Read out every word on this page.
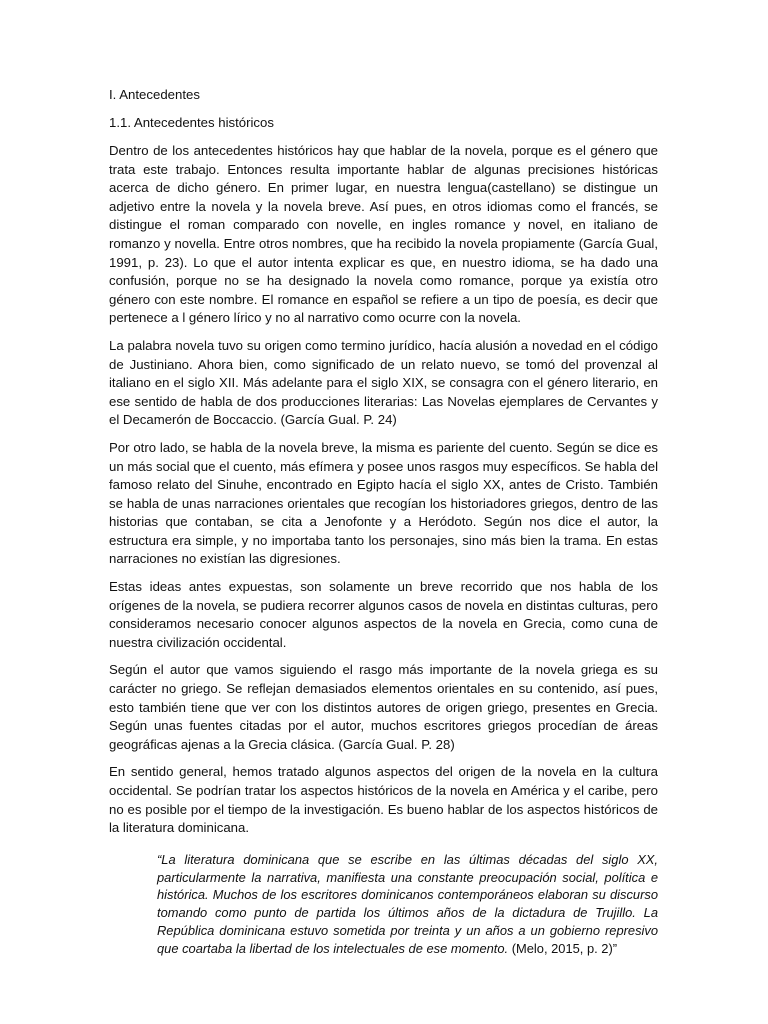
I. Antecedentes
1.1. Antecedentes históricos

Dentro de los antecedentes históricos hay que hablar de la novela, porque es el género que trata este trabajo. Entonces resulta importante hablar de algunas precisiones históricas acerca de dicho género. En primer lugar, en nuestra lengua(castellano) se distingue un adjetivo entre la novela y la novela breve. Así pues, en otros idiomas como el francés, se distingue el roman comparado con novelle, en ingles romance y novel, en italiano de romanzo y novella. Entre otros nombres, que ha recibido la novela propiamente (García Gual, 1991, p. 23). Lo que el autor intenta explicar es que, en nuestro idioma, se ha dado una confusión, porque no se ha designado la novela como romance, porque ya existía otro género con este nombre. El romance en español se refiere a un tipo de poesía, es decir que pertenece a l género lírico y no al narrativo como ocurre con la novela.

La palabra novela tuvo su origen como termino jurídico, hacía alusión a novedad en el código de Justiniano. Ahora bien, como significado de un relato nuevo, se tomó del provenzal al italiano en el siglo XII. Más adelante para el siglo XIX, se consagra con el género literario, en ese sentido de habla de dos producciones literarias: Las Novelas ejemplares de Cervantes y el Decamerón de Boccaccio. (García Gual. P. 24)

Por otro lado, se habla de la novela breve, la misma es pariente del cuento. Según se dice es un más social que el cuento, más efímera y posee unos rasgos muy específicos. Se habla del famoso relato del Sinuhe, encontrado en Egipto hacía el siglo XX, antes de Cristo. También se habla de unas narraciones orientales que recogían los historiadores griegos, dentro de las historias que contaban, se cita a Jenofonte y a Heródoto. Según nos dice el autor, la estructura era simple, y no importaba tanto los personajes, sino más bien la trama. En estas narraciones no existían las digresiones.

Estas ideas antes expuestas, son solamente un breve recorrido que nos habla de los orígenes de la novela, se pudiera recorrer algunos casos de novela en distintas culturas, pero consideramos necesario conocer algunos aspectos de la novela en Grecia, como cuna de nuestra civilización occidental.

Según el autor que vamos siguiendo el rasgo más importante de la novela griega es su carácter no griego. Se reflejan demasiados elementos orientales en su contenido, así pues, esto también tiene que ver con los distintos autores de origen griego, presentes en Grecia. Según unas fuentes citadas por el autor, muchos escritores griegos procedían de áreas geográficas ajenas a la Grecia clásica. (García Gual. P. 28)

En sentido general, hemos tratado algunos aspectos del origen de la novela en la cultura occidental. Se podrían tratar los aspectos históricos de la novela en América y el caribe, pero no es posible por el tiempo de la investigación. Es bueno hablar de los aspectos históricos de la literatura dominicana.

“La literatura dominicana que se escribe en las últimas décadas del siglo XX, particularmente la narrativa, manifiesta una constante preocupación social, política e histórica. Muchos de los escritores dominicanos contemporáneos elaboran su discurso tomando como punto de partida los últimos años de la dictadura de Trujillo. La República dominicana estuvo sometida por treinta y un años a un gobierno represivo que coartaba la libertad de los intelectuales de ese momento. (Melo, 2015, p. 2)”
